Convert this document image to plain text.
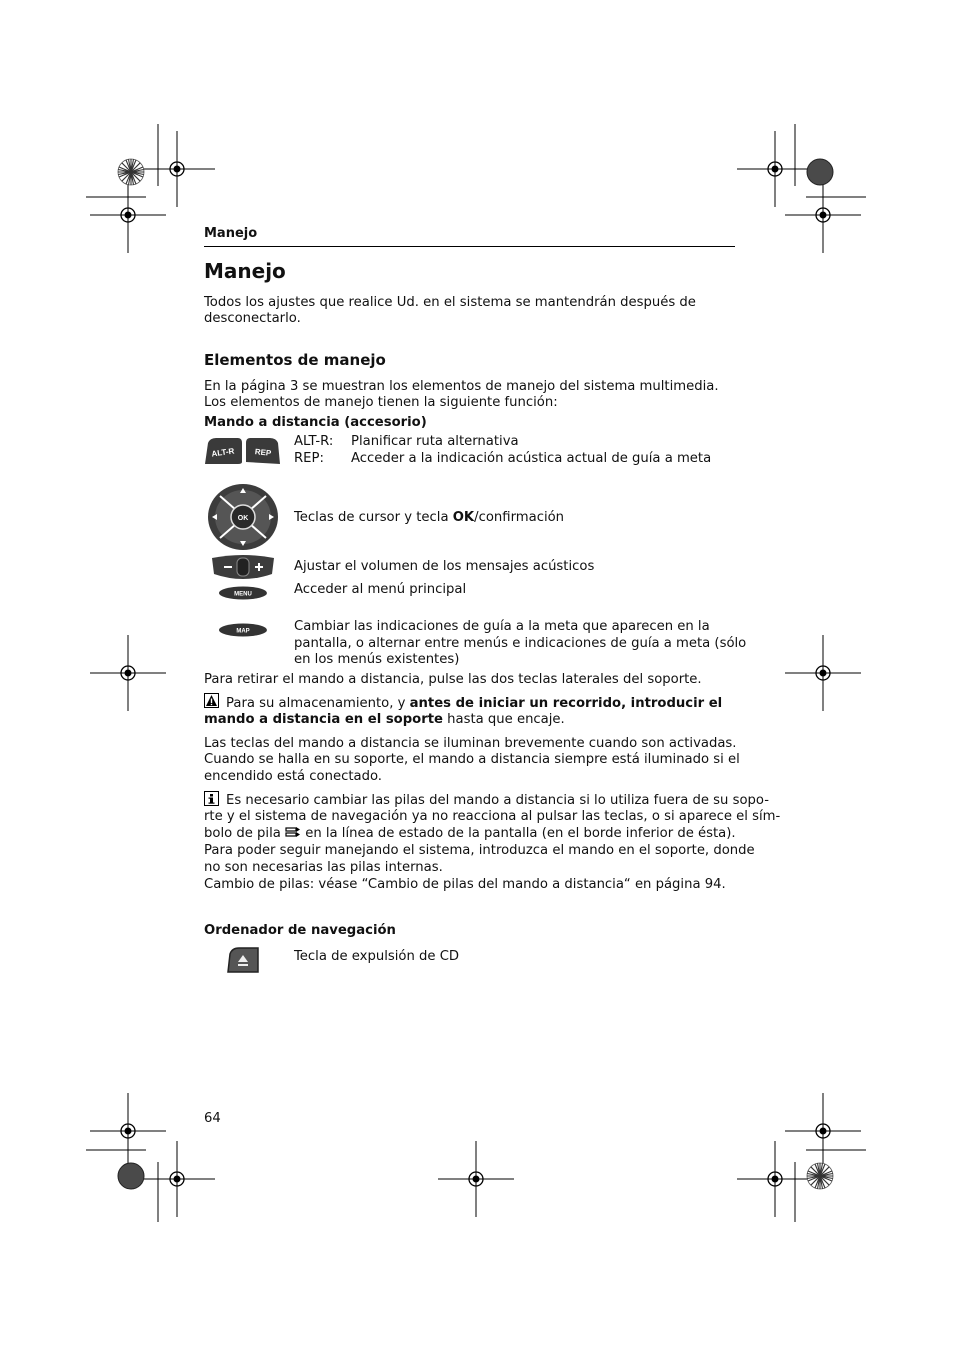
Manejo
Manejo
Todos los ajustes que realice Ud. en el sistema se mantendrán después de
desconectarlo.
Elementos de manejo
En la página 3 se muestran los elementos de manejo del sistema multimedia.
Los elementos de manejo tienen la siguiente función:
Mando a distancia (accesorio)
ALT-R REP
OK
MENU
MAP
ALT-R: Planificar ruta alternativa
REP: Acceder a la indicación acústica actual de guía a meta
Teclas de cursor y tecla OK/confirmación
Ajustar el volumen de los mensajes acústicos
Acceder al menú principal
Cambiar las indicaciones de guía a la meta que aparecen en la
pantalla, o alternar entre menús e indicaciones de guía a meta (sólo
en los menús existentes)
Para retirar el mando a distancia, pulse las dos teclas laterales del soporte.
Para su almacenamiento, y antes de iniciar un recorrido, introducir el
mando a distancia en el soporte hasta que encaje.
Las teclas del mando a distancia se iluminan brevemente cuando son activadas.
Cuando se halla en su soporte, el mando a distancia siempre está iluminado si el
encendido está conectado.
Es necesario cambiar las pilas del mando a distancia si lo utiliza fuera de su sopo-
rte y el sistema de navegación ya no reacciona al pulsar las teclas, o si aparece el sím-
bolo de pila  en la línea de estado de la pantalla (en el borde inferior de ésta).
Para poder seguir manejando el sistema, introduzca el mando en el soporte, donde
no son necesarias las pilas internas.
Cambio de pilas: véase “Cambio de pilas del mando a distancia“ en página 94.
Ordenador de navegación
Tecla de expulsión de CD
64
